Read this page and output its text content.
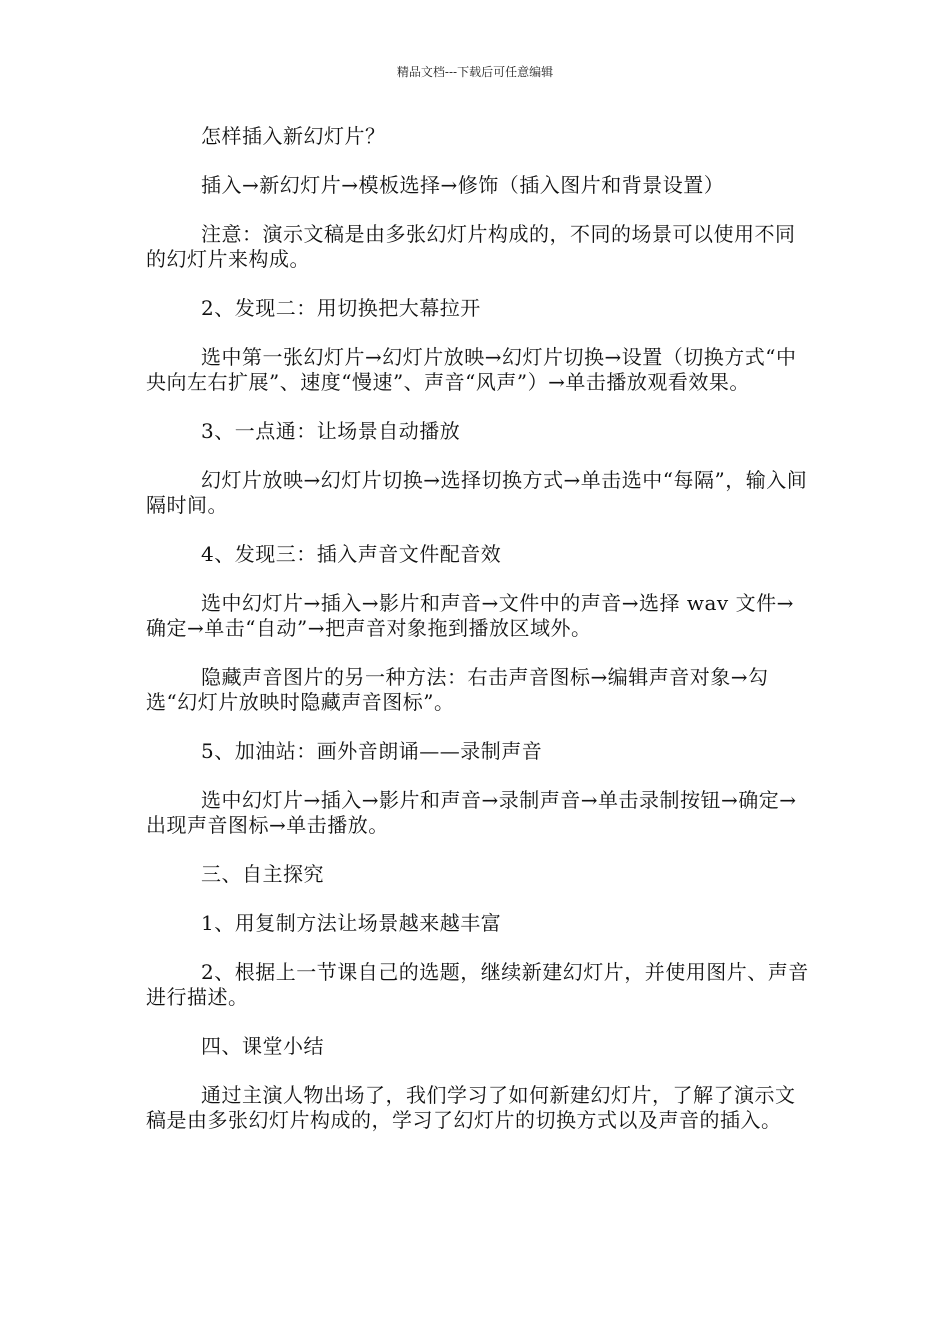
精品文档---下载后可任意编辑

怎样插入新幻灯片？

插入→新幻灯片→模板选择→修饰（插入图片和背景设置）

注意：演示文稿是由多张幻灯片构成的，不同的场景可以使用不同的幻灯片来构成。

2、发现二：用切换把大幕拉开

选中第一张幻灯片→幻灯片放映→幻灯片切换→设置（切换方式“中央向左右扩展”、速度“慢速”、声音“风声”）→单击播放观看效果。

3、一点通：让场景自动播放

幻灯片放映→幻灯片切换→选择切换方式→单击选中“每隔”，输入间隔时间。

4、发现三：插入声音文件配音效

选中幻灯片→插入→影片和声音→文件中的声音→选择 wav 文件→确定→单击“自动”→把声音对象拖到播放区域外。

隐藏声音图片的另一种方法：右击声音图标→编辑声音对象→勾选“幻灯片放映时隐藏声音图标”。

5、加油站：画外音朗诵——录制声音

选中幻灯片→插入→影片和声音→录制声音→单击录制按钮→确定→出现声音图标→单击播放。

三、自主探究

1、用复制方法让场景越来越丰富

2、根据上一节课自己的选题，继续新建幻灯片，并使用图片、声音进行描述。

四、课堂小结

通过主演人物出场了，我们学习了如何新建幻灯片，了解了演示文稿是由多张幻灯片构成的，学习了幻灯片的切换方式以及声音的插入。
